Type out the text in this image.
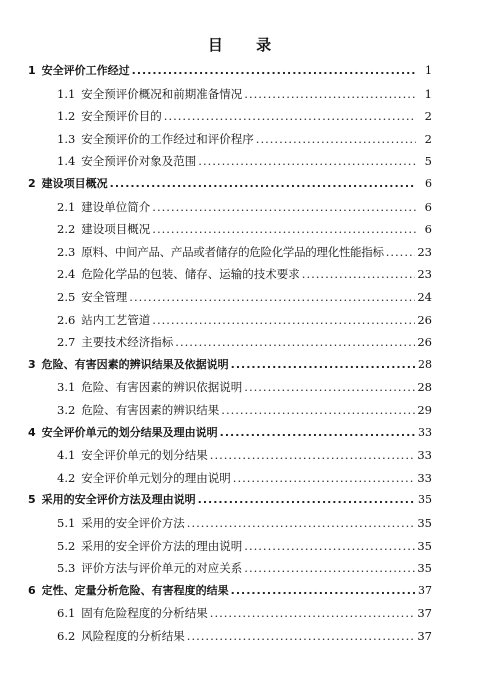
目 录
1 安全评价工作经过 .....	1
1.1 安全预评价概况和前期准备情况 .....	1
1.2 安全预评价目的 .....	2
1.3 安全预评价的工作经过和评价程序 .....	2
1.4 安全预评价对象及范围 .....	5
2 建设项目概况 .....	6
2.1 建设单位简介 .....	6
2.2 建设项目概况 .....	6
2.3 原料、中间产品、产品或者储存的危险化学品的理化性能指标 .....	23
2.4 危险化学品的包装、储存、运输的技术要求 .....	23
2.5 安全管理 .....	24
2.6 站内工艺管道 .....	26
2.7 主要技术经济指标 .....	26
3 危险、有害因素的辨识结果及依据说明 .....	28
3.1 危险、有害因素的辨识依据说明 .....	28
3.2 危险、有害因素的辨识结果 .....	29
4 安全评价单元的划分结果及理由说明 .....	33
4.1 安全评价单元的划分结果 .....	33
4.2 安全评价单元划分的理由说明 .....	33
5 采用的安全评价方法及理由说明 .....	35
5.1 采用的安全评价方法 .....	35
5.2 采用的安全评价方法的理由说明 .....	35
5.3 评价方法与评价单元的对应关系 .....	35
6 定性、定量分析危险、有害程度的结果 .....	37
6.1 固有危险程度的分析结果 .....	37
6.2 风险程度的分析结果 .....	37
